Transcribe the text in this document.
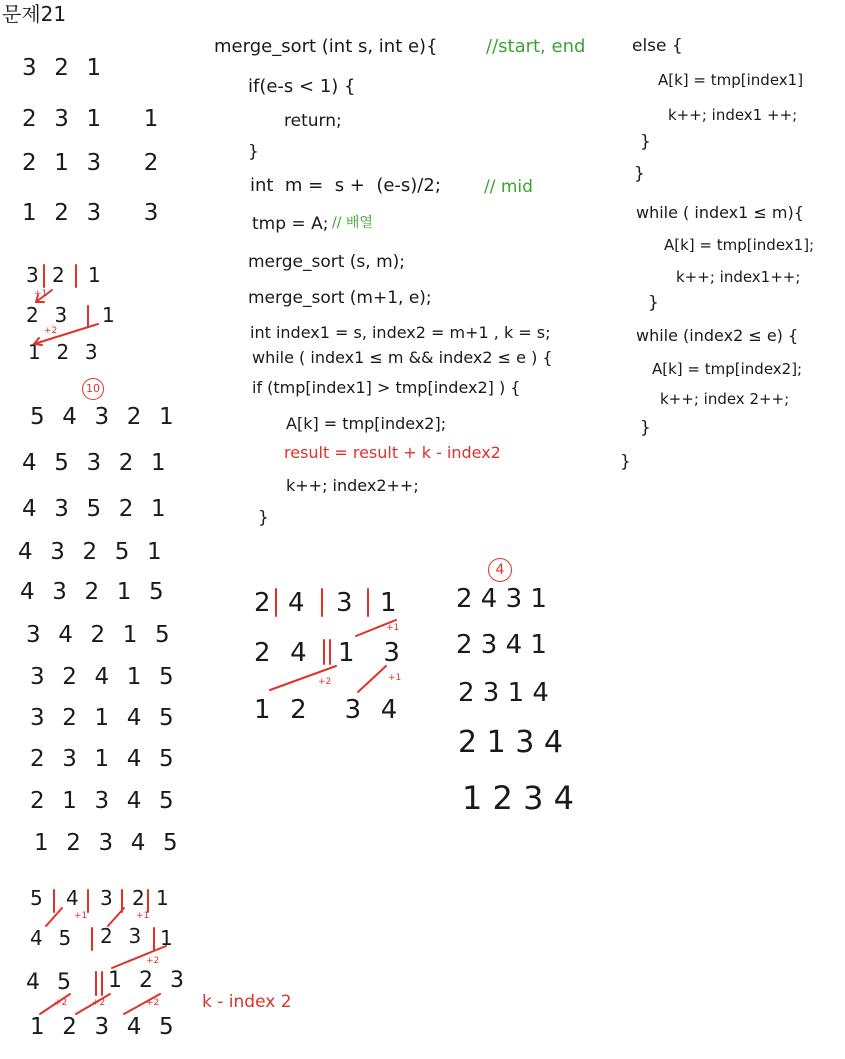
문제21
3  2  1
2  3  1     1
2  1  3     2
1  2  3     3
3 2 1
+1
2  3 1
+2
1  2  3
10
5  4  3  2  1
4  5  3  2  1
4  3  5  2  1
4  3  2  5  1
4  3  2  1  5
3  4  2  1  5
3  2  4  1  5
3  2  1  4  5
2  3  1  4  5
2  1  3  4  5
1  2  3  4  5
5 4 3 2 1
+1	+1
4  5 2  3 1
+2
4  5 1  2  3
+2	+2	+2
1  2  3  4  5
k - index 2
merge_sort (int s, int e){	//start, end
if(e-s < 1) {
return;
}
int  m =  s +  (e-s)/2;	// mid
tmp = A; // 배열
merge_sort (s, m);
merge_sort (m+1, e);
int index1 = s, index2 = m+1 , k = s;
while ( index1 ≤ m && index2 ≤ e ) {
if (tmp[index1] > tmp[index2] ) {
A[k] = tmp[index2];
result = result + k - index2
k++; index2++;
}
else {
A[k] = tmp[index1]
k++; index1 ++;
}
}
while ( index1 ≤ m){
A[k] = tmp[index1];
k++; index1++;
}
while (index2 ≤ e) {
A[k] = tmp[index2];
k++; index 2++;
}
}
2 4 3 1
+1
2  4 1   3
+2	+1
1  2    3  4
4
2 4 3 1
2 3 4 1
2 3 1 4
2 1 3 4
1 2 3 4
